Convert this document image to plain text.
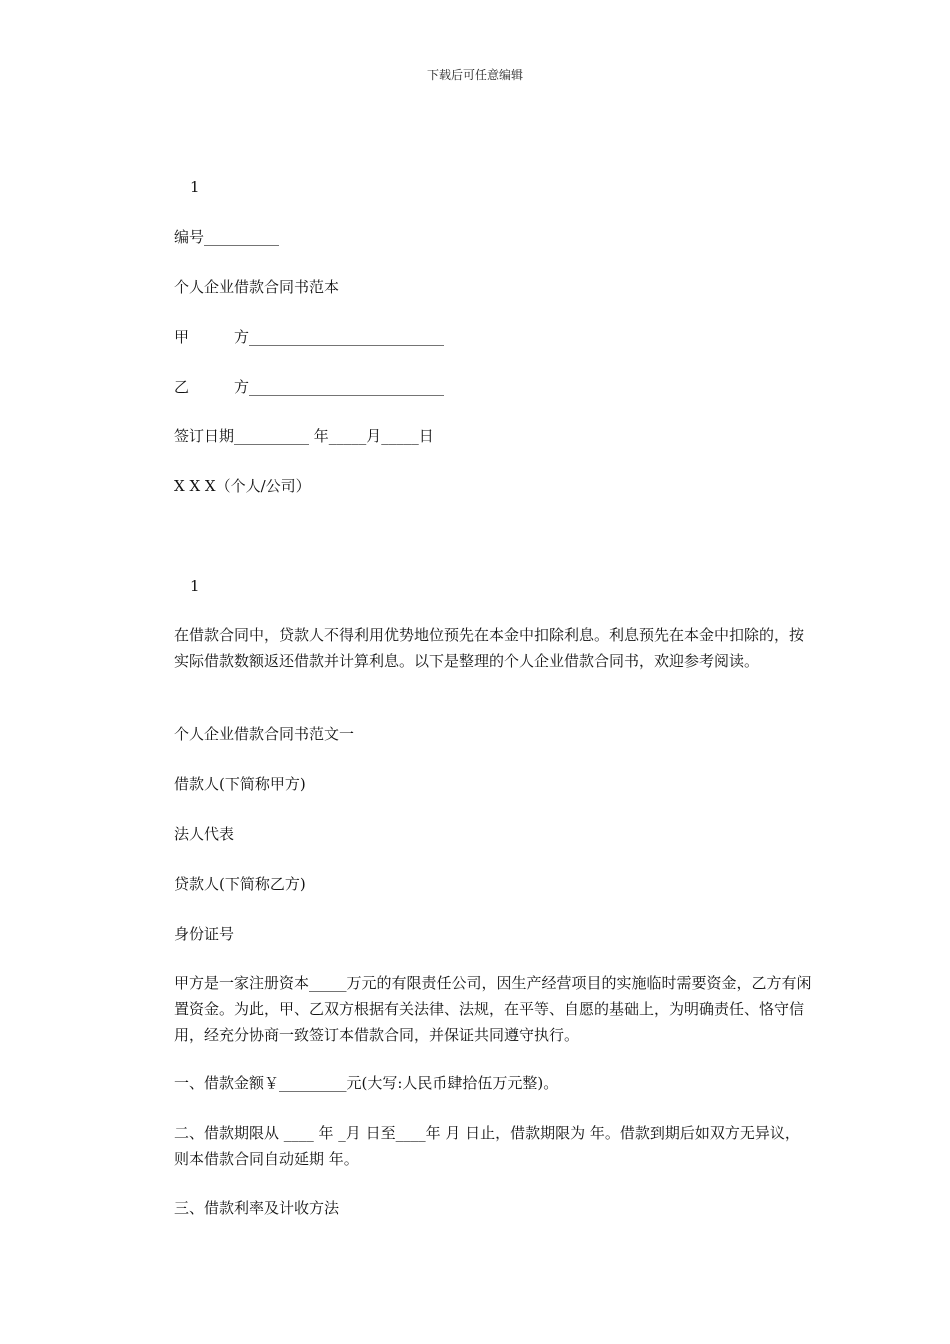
下载后可任意编辑
1
编号__________
个人企业借款合同书范本
甲	方__________________________
乙	方__________________________
签订日期__________ 年_____月_____日
X X X（个人/公司）
1
在借款合同中，贷款人不得利用优势地位预先在本金中扣除利息。利息预先在本金中扣除的，按实际借款数额返还借款并计算利息。以下是整理的个人企业借款合同书，欢迎参考阅读。
个人企业借款合同书范文一
借款人(下简称甲方)
法人代表
贷款人(下简称乙方)
身份证号
甲方是一家注册资本_____万元的有限责任公司，因生产经营项目的实施临时需要资金，乙方有闲置资金。为此，甲、乙双方根据有关法律、法规，在平等、自愿的基础上，为明确责任、恪守信用，经充分协商一致签订本借款合同，并保证共同遵守执行。
一、借款金额￥_________元(大写:人民币肆拾伍万元整)。
二、借款期限从 ____ 年 _月 日至____年 月 日止，借款期限为 年。借款到期后如双方无异议，则本借款合同自动延期 年。
三、借款利率及计收方法
